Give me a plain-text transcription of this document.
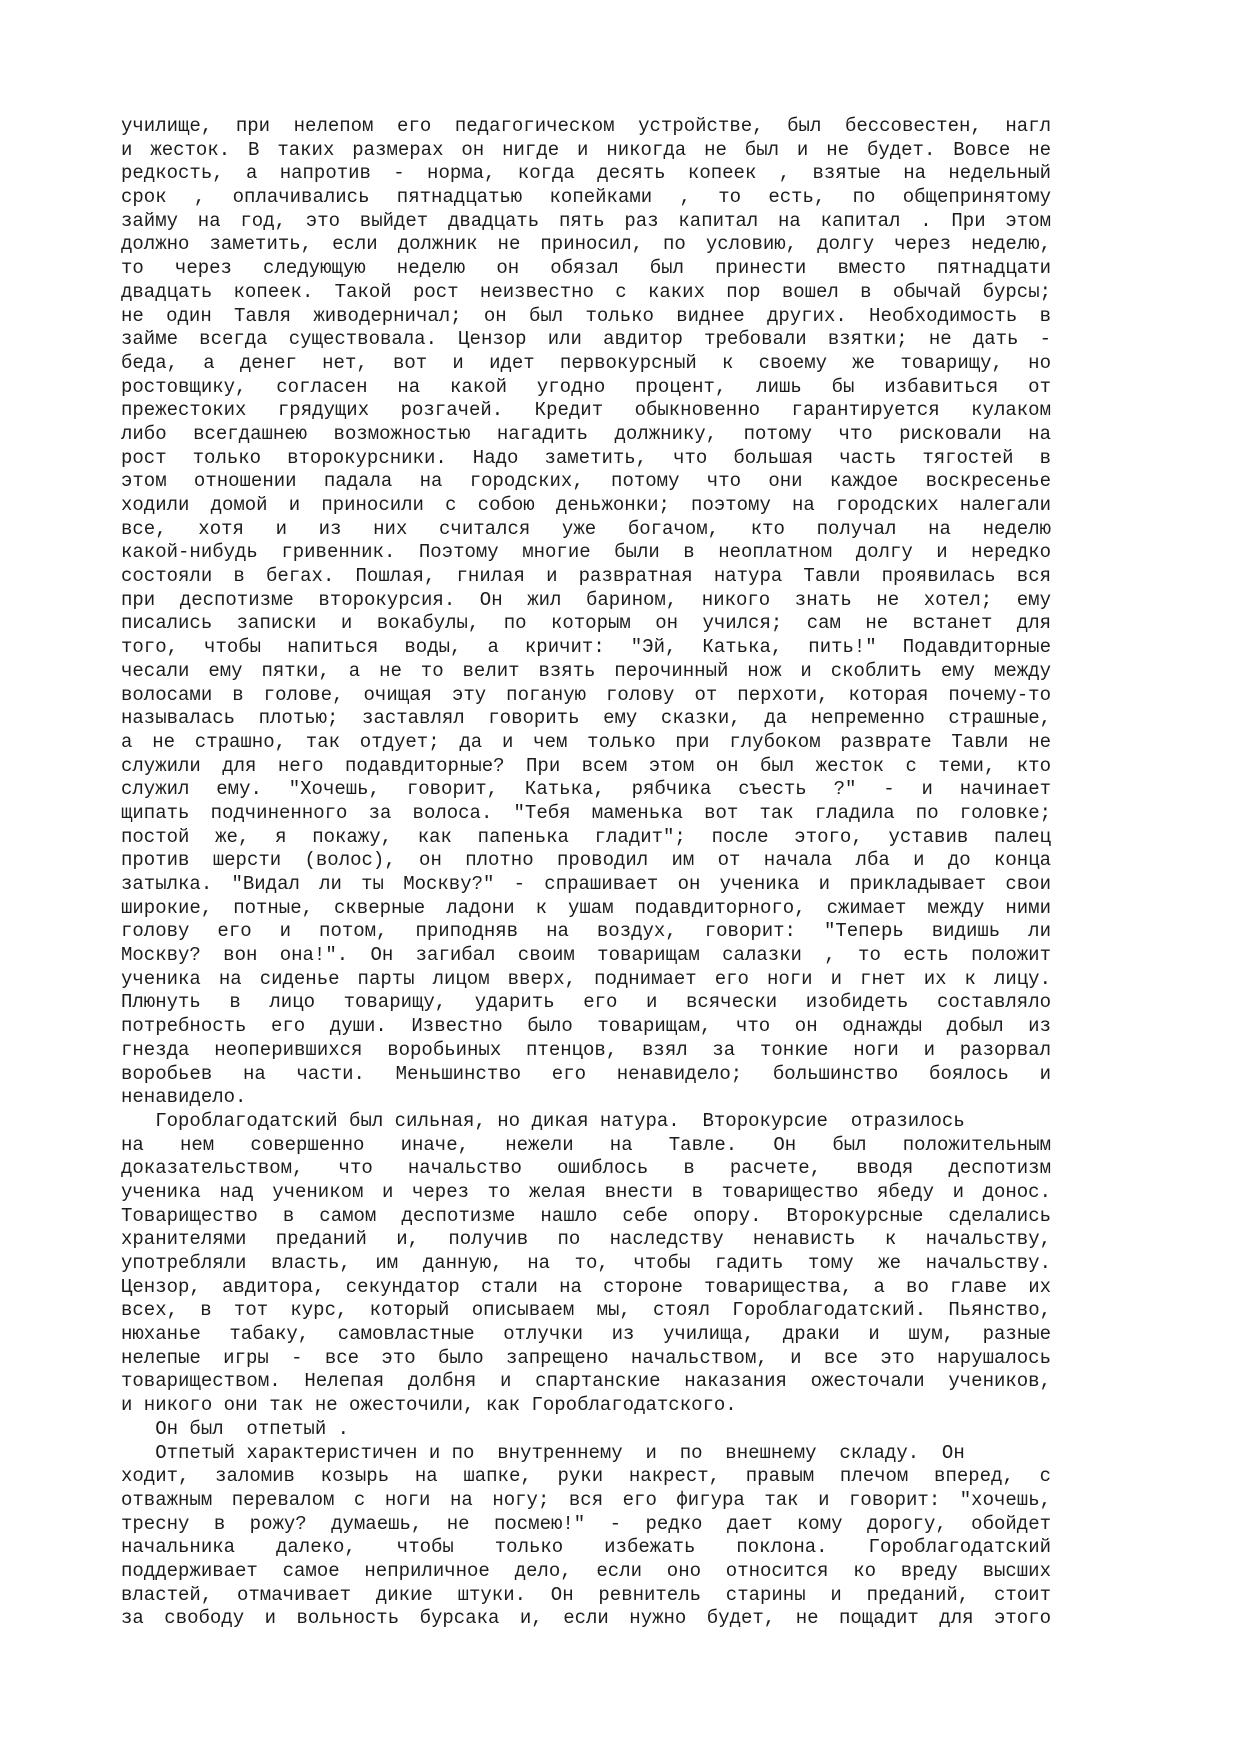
училище, при нелепом его педагогическом устройстве, был бессовестен, нагл
и жесток. В таких размерах он нигде и никогда не был и не будет. Вовсе не
редкость, а напротив - норма, когда десять копеек , взятые на недельный
срок , оплачивались пятнадцатью копейками , то есть, по общепринятому
займу на год, это выйдет двадцать пять раз капитал на капитал . При этом
должно заметить, если должник не приносил, по условию, долгу через неделю,
то через следующую неделю он обязал был принести вместо пятнадцати
двадцать копеек. Такой рост неизвестно с каких пор вошел в обычай бурсы;
не один Тавля живодерничал; он был только виднее других. Необходимость в
займе всегда существовала. Цензор или авдитор требовали взятки; не дать -
беда, а денег нет, вот и идет первокурсный к своему же товарищу, но
ростовщику, согласен на какой угодно процент, лишь бы избавиться от
прежестоких грядущих розгачей. Кредит обыкновенно гарантируется кулаком
либо всегдашнею возможностью нагадить должнику, потому что рисковали на
рост только второкурсники. Надо заметить, что большая часть тягостей в
этом отношении падала на городских, потому что они каждое воскресенье
ходили домой и приносили с собою деньжонки; поэтому на городских налегали
все, хотя и из них считался уже богачом, кто получал на неделю
какой-нибудь гривенник. Поэтому многие были в неоплатном долгу и нередко
состояли в бегах. Пошлая, гнилая и развратная натура Тавли проявилась вся
при деспотизме второкурсия. Он жил барином, никого знать не хотел; ему
писались записки и вокабулы, по которым он учился; сам не встанет для
того, чтобы напиться воды, а кричит: "Эй, Катька, пить!" Подавдиторные
чесали ему пятки, а не то велит взять перочинный нож и скоблить ему между
волосами в голове, очищая эту поганую голову от перхоти, которая почему-то
называлась плотью; заставлял говорить ему сказки, да непременно страшные,
а не страшно, так отдует; да и чем только при глубоком разврате Тавли не
служили для него подавдиторные? При всем этом он был жесток с теми, кто
служил ему. "Хочешь, говорит, Катька, рябчика съесть ?" - и начинает
щипать подчиненного за волоса. "Тебя маменька вот так гладила по головке;
постой же, я покажу, как папенька гладит"; после этого, уставив палец
против шерсти (волос), он плотно проводил им от начала лба и до конца
затылка. "Видал ли ты Москву?" - спрашивает он ученика и прикладывает свои
широкие, потные, скверные ладони к ушам подавдиторного, сжимает между ними
голову его и потом, приподняв на воздух, говорит: "Теперь видишь ли
Москву? вон она!". Он загибал своим товарищам салазки , то есть положит
ученика на сиденье парты лицом вверх, поднимает его ноги и гнет их к лицу.
Плюнуть в лицо товарищу, ударить его и всячески изобидеть составляло
потребность его души. Известно было товарищам, что он однажды добыл из
гнезда неоперившихся воробьиных птенцов, взял за тонкие ноги и разорвал
воробьев на части. Меньшинство его ненавидело; большинство боялось и
ненавидело.
Гороблагодатский был сильная, но дикая натура.  Второкурсие  отразилось
на нем совершенно иначе, нежели на Тавле. Он был положительным
доказательством, что начальство ошиблось в расчете, вводя деспотизм
ученика над учеником и через то желая внести в товарищество ябеду и донос.
Товарищество в самом деспотизме нашло себе опору. Второкурсные сделались
хранителями преданий и, получив по наследству ненависть к начальству,
употребляли власть, им данную, на то, чтобы гадить тому же начальству.
Цензор, авдитора, секундатор стали на стороне товарищества, а во главе их
всех, в тот курс, который описываем мы, стоял Гороблагодатский. Пьянство,
нюханье табаку, самовластные отлучки из училища, драки и шум, разные
нелепые игры - все это было запрещено начальством, и все это нарушалось
товариществом. Нелепая долбня и спартанские наказания ожесточали учеников,
и никого они так не ожесточили, как Гороблагодатского.
Он был  отпетый .
Отпетый характеристичен и по  внутреннему  и  по  внешнему  складу.  Он
ходит, заломив козырь на шапке, руки накрест, правым плечом вперед, с
отважным перевалом с ноги на ногу; вся его фигура так и говорит: "хочешь,
тресну в рожу? думаешь, не посмею!" - редко дает кому дорогу, обойдет
начальника далеко, чтобы только избежать поклона. Гороблагодатский
поддерживает самое неприличное дело, если оно относится ко вреду высших
властей, отмачивает дикие штуки. Он ревнитель старины и преданий, стоит
за свободу и вольность бурсака и, если нужно будет, не пощадит для этого
